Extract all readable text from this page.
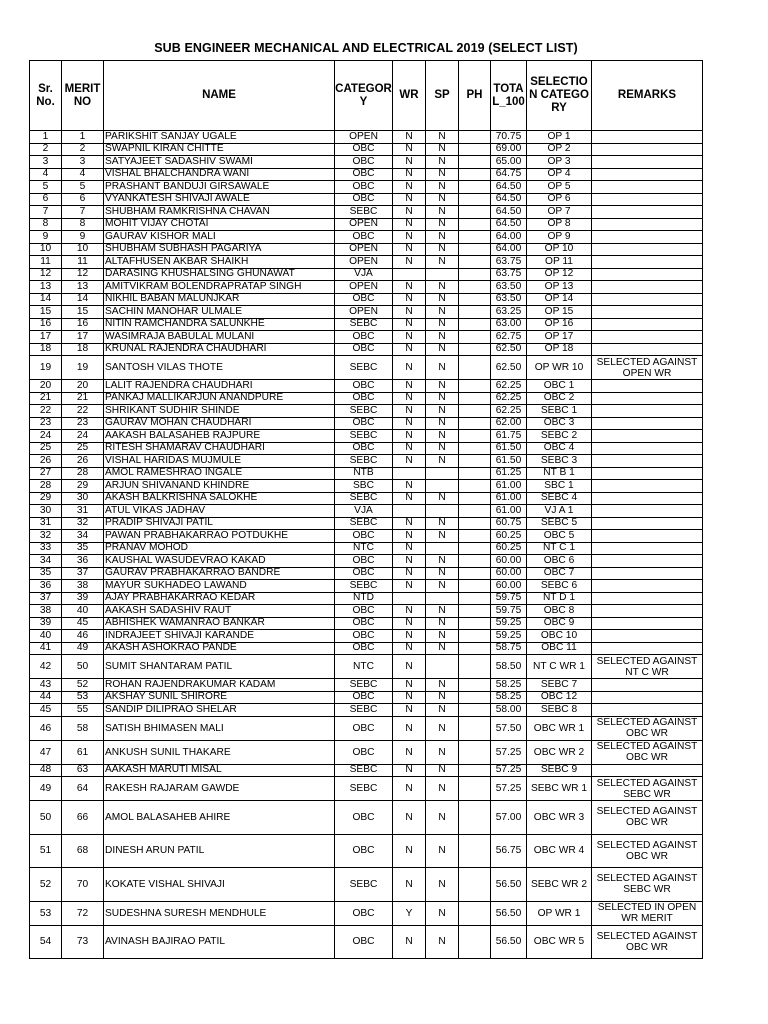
SUB ENGINEER MECHANICAL AND ELECTRICAL 2019 (SELECT LIST)
Sr. No.	MERIT NO	NAME	CATEGORY	WR	SP	PH	TOTAL_100	SELECTION CATEGORY	REMARKS
1	1	PARIKSHIT SANJAY UGALE	OPEN	N	N		70.75	OP 1	
2	2	SWAPNIL KIRAN CHITTE	OBC	N	N		69.00	OP 2	
3	3	SATYAJEET SADASHIV SWAMI	OBC	N	N		65.00	OP 3	
4	4	VISHAL BHALCHANDRA WANI	OBC	N	N		64.75	OP 4	
5	5	PRASHANT BANDUJI GIRSAWALE	OBC	N	N		64.50	OP 5	
6	6	VYANKATESH SHIVAJI AWALE	OBC	N	N		64.50	OP 6	
7	7	SHUBHAM RAMKRISHNA CHAVAN	SEBC	N	N		64.50	OP 7	
8	8	MOHIT VIJAY CHOTAI	OPEN	N	N		64.50	OP 8	
9	9	GAURAV KISHOR MALI	OBC	N	N		64.00	OP 9	
10	10	SHUBHAM SUBHASH PAGARIYA	OPEN	N	N		64.00	OP 10	
11	11	ALTAFHUSEN AKBAR SHAIKH	OPEN	N	N		63.75	OP 11	
12	12	DARASING KHUSHALSING GHUNAWAT	VJA				63.75	OP 12	
13	13	AMITVIKRAM BOLENDRAPRATAP SINGH	OPEN	N	N		63.50	OP 13	
14	14	NIKHIL BABAN MALUNJKAR	OBC	N	N		63.50	OP 14	
15	15	SACHIN MANOHAR ULMALE	OPEN	N	N		63.25	OP 15	
16	16	NITIN RAMCHANDRA SALUNKHE	SEBC	N	N		63.00	OP 16	
17	17	WASIMRAJA BABULAL MULANI	OBC	N	N		62.75	OP 17	
18	18	KRUNAL RAJENDRA CHAUDHARI	OBC	N	N		62.50	OP 18	
19	19	SANTOSH VILAS THOTE	SEBC	N	N		62.50	OP WR 10	SELECTED AGAINST OPEN WR
20	20	LALIT RAJENDRA CHAUDHARI	OBC	N	N		62.25	OBC 1	
21	21	PANKAJ MALLIKARJUN ANANDPURE	OBC	N	N		62.25	OBC 2	
22	22	SHRIKANT SUDHIR SHINDE	SEBC	N	N		62.25	SEBC 1	
23	23	GAURAV MOHAN CHAUDHARI	OBC	N	N		62.00	OBC 3	
24	24	AAKASH BALASAHEB RAJPURE	SEBC	N	N		61.75	SEBC 2	
25	25	RITESH SHAMARAV CHAUDHARI	OBC	N	N		61.50	OBC 4	
26	26	VISHAL HARIDAS MUJMULE	SEBC	N	N		61.50	SEBC 3	
27	28	AMOL RAMESHRAO INGALE	NTB				61.25	NT B 1	
28	29	ARJUN SHIVANAND KHINDRE	SBC	N			61.00	SBC 1	
29	30	AKASH BALKRISHNA SALOKHE	SEBC	N	N		61.00	SEBC 4	
30	31	ATUL VIKAS JADHAV	VJA				61.00	VJ A 1	
31	32	PRADIP SHIVAJI PATIL	SEBC	N	N		60.75	SEBC 5	
32	34	PAWAN PRABHAKARRAO POTDUKHE	OBC	N	N		60.25	OBC 5	
33	35	PRANAV MOHOD	NTC	N			60.25	NT C 1	
34	36	KAUSHAL WASUDEVRAO KAKAD	OBC	N	N		60.00	OBC 6	
35	37	GAURAV PRABHAKARRAO BANDRE	OBC	N	N		60.00	OBC 7	
36	38	MAYUR SUKHADEO LAWAND	SEBC	N	N		60.00	SEBC 6	
37	39	AJAY PRABHAKARRAO KEDAR	NTD				59.75	NT D 1	
38	40	AAKASH SADASHIV RAUT	OBC	N	N		59.75	OBC 8	
39	45	ABHISHEK WAMANRAO BANKAR	OBC	N	N		59.25	OBC 9	
40	46	INDRAJEET SHIVAJI KARANDE	OBC	N	N		59.25	OBC 10	
41	49	AKASH ASHOKRAO PANDE	OBC	N	N		58.75	OBC 11	
42	50	SUMIT SHANTARAM PATIL	NTC	N			58.50	NT C WR 1	SELECTED AGAINST NT C WR
43	52	ROHAN RAJENDRAKUMAR KADAM	SEBC	N	N		58.25	SEBC 7	
44	53	AKSHAY SUNIL SHIRORE	OBC	N	N		58.25	OBC 12	
45	55	SANDIP DILIPRAO SHELAR	SEBC	N	N		58.00	SEBC 8	
46	58	SATISH BHIMASEN MALI	OBC	N	N		57.50	OBC WR 1	SELECTED AGAINST OBC WR
47	61	ANKUSH SUNIL THAKARE	OBC	N	N		57.25	OBC WR 2	SELECTED AGAINST OBC WR
48	63	AAKASH MARUTI MISAL	SEBC	N	N		57.25	SEBC 9	
49	64	RAKESH RAJARAM GAWDE	SEBC	N	N		57.25	SEBC WR 1	SELECTED AGAINST SEBC WR
50	66	AMOL BALASAHEB AHIRE	OBC	N	N		57.00	OBC WR 3	SELECTED AGAINST OBC WR
51	68	DINESH ARUN PATIL	OBC	N	N		56.75	OBC WR 4	SELECTED AGAINST OBC WR
52	70	KOKATE VISHAL SHIVAJI	SEBC	N	N		56.50	SEBC WR 2	SELECTED AGAINST SEBC WR
53	72	SUDESHNA SURESH MENDHULE	OBC	Y	N		56.50	OP WR 1	SELECTED IN OPEN WR MERIT
54	73	AVINASH BAJIRAO PATIL	OBC	N	N		56.50	OBC WR 5	SELECTED AGAINST OBC WR
